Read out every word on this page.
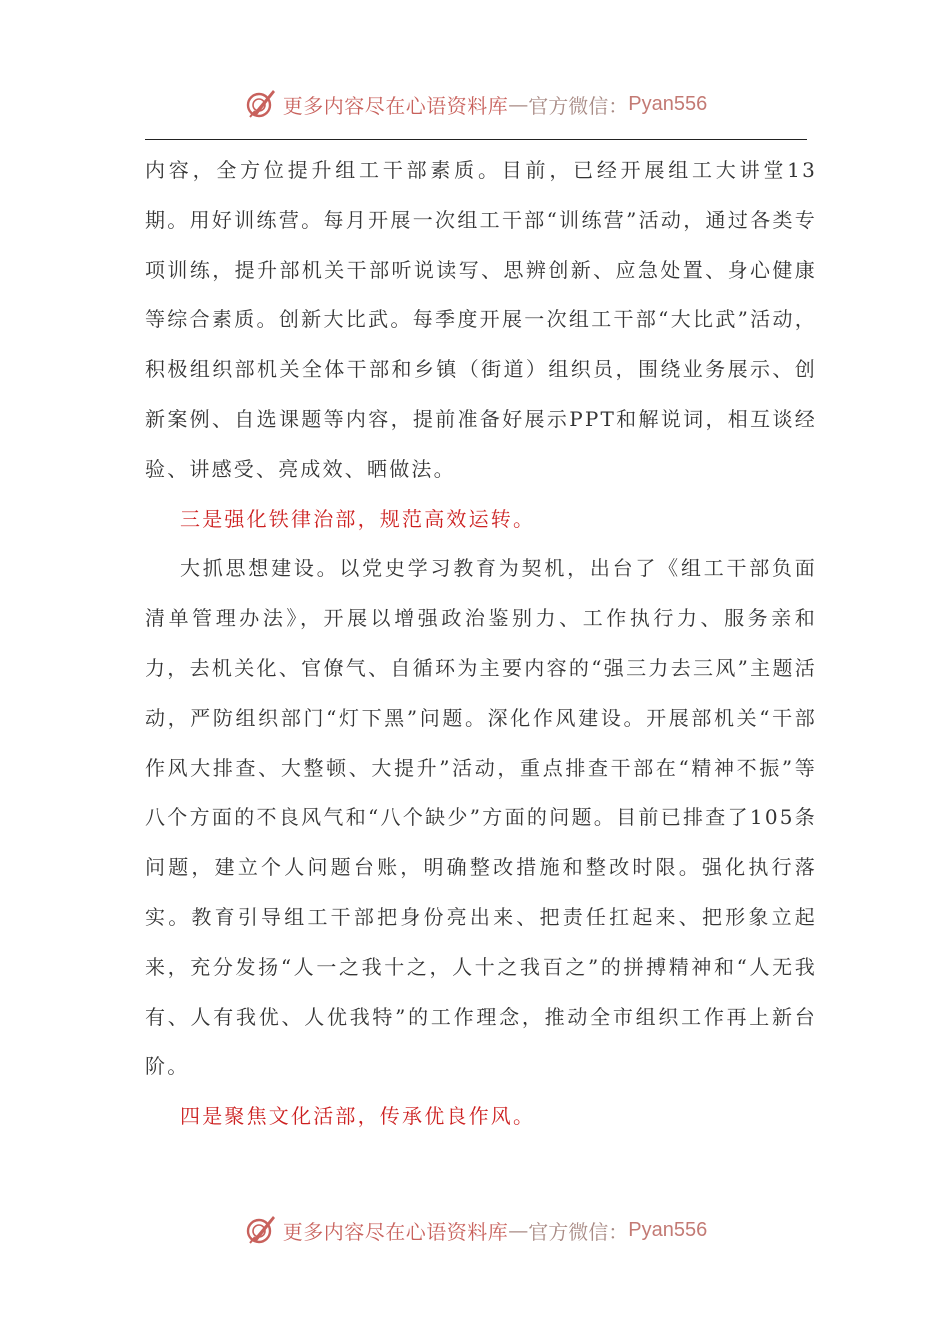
更多内容尽在心语资料库 — 官方微信： Pyan556

内容，全方位提升组工干部素质。目前，已经开展组工大讲堂13期。用好训练营。每月开展一次组工干部“训练营”活动，通过各类专项训练，提升部机关干部听说读写、思辨创新、应急处置、身心健康等综合素质。创新大比武。每季度开展一次组工干部“大比武”活动，积极组织部机关全体干部和乡镇（街道）组织员，围绕业务展示、创新案例、自选课题等内容，提前准备好展示PPT和解说词，相互谈经验、讲感受、亮成效、晒做法。

三是强化铁律治部，规范高效运转。

大抓思想建设。以党史学习教育为契机，出台了《组工干部负面清单管理办法》，开展以增强政治鉴别力、工作执行力、服务亲和力，去机关化、官僚气、自循环为主要内容的“强三力去三风”主题活动，严防组织部门“灯下黑”问题。深化作风建设。开展部机关“干部作风大排查、大整顿、大提升”活动，重点排查干部在“精神不振”等八个方面的不良风气和“八个缺少”方面的问题。目前已排查了105条问题，建立个人问题台账，明确整改措施和整改时限。强化执行落实。教育引导组工干部把身份亮出来、把责任扛起来、把形象立起来，充分发扬“人一之我十之，人十之我百之”的拼搏精神和“人无我有、人有我优、人优我特”的工作理念，推动全市组织工作再上新台阶。

四是聚焦文化活部，传承优良作风。

更多内容尽在心语资料库 — 官方微信： Pyan556
